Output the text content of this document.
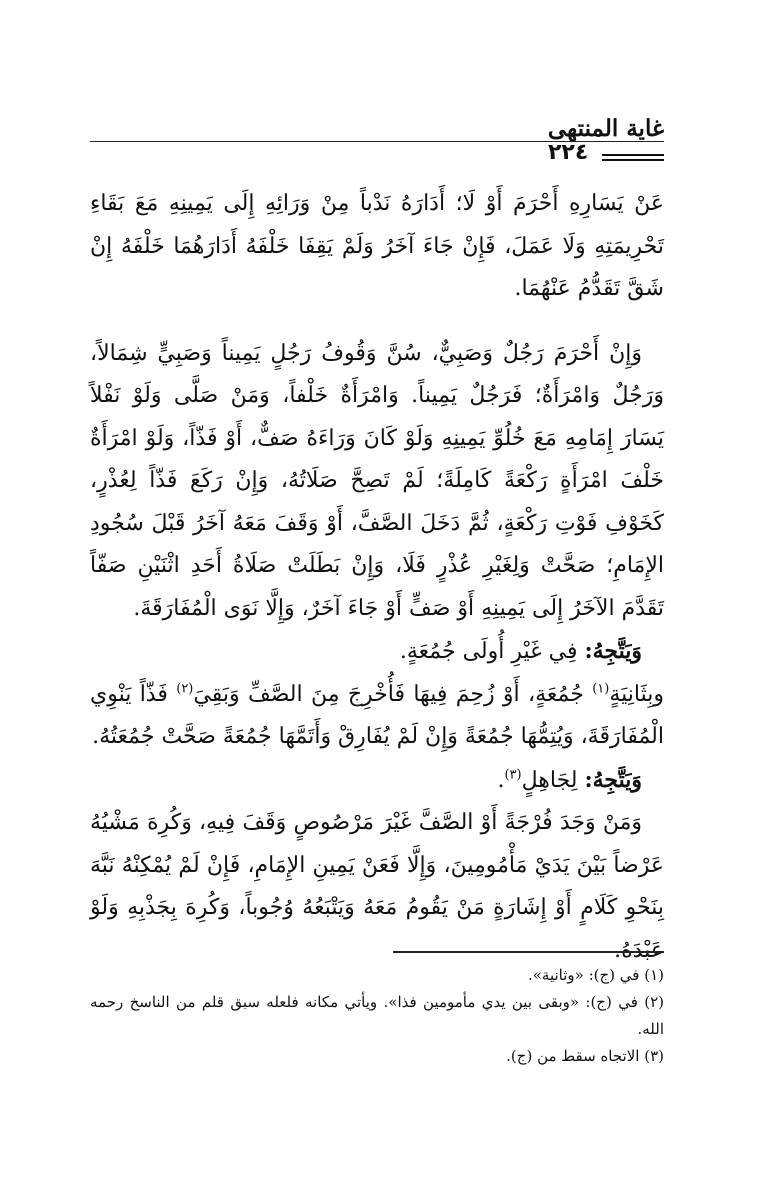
غاية المنتهى
٢٢٤

عَنْ يَسَارِهِ أَحْرَمَ أَوْ لَا؛ أَدَارَهُ نَدْباً مِنْ وَرَائِهِ إِلَى يَمِينِهِ مَعَ بَقَاءِ تَحْرِيمَتِهِ وَلَا عَمَلَ، فَإِنْ جَاءَ آخَرُ وَلَمْ يَقِفَا خَلْفَهُ أَدَارَهُمَا خَلْفَهُ إِنْ شَقَّ تَقَدُّمُ عَنْهُمَا.

وَإِنْ أَحْرَمَ رَجُلٌ وَصَبِيٌّ، سُنَّ وَقُوفُ رَجُلٍ يَمِيناً وَصَبِيٍّ شِمَالاً، وَرَجُلٌ وَامْرَأَةٌ؛ فَرَجُلٌ يَمِيناً. وَامْرَأَةٌ خَلْفاً، وَمَنْ صَلَّى وَلَوْ نَفْلاً يَسَارَ إِمَامِهِ مَعَ خُلُوِّ يَمِينِهِ وَلَوْ كَانَ وَرَاءَهُ صَفٌّ، أَوْ فَذّاً، وَلَوْ امْرَأَةٌ خَلْفَ امْرَأَةٍ رَكْعَةً كَامِلَةً؛ لَمْ تَصِحَّ صَلَاتُهُ، وَإِنْ رَكَعَ فَذّاً لِعُذْرٍ، كَخَوْفِ فَوْتِ رَكْعَةٍ، ثُمَّ دَخَلَ الصَّفَّ، أَوْ وَقَفَ مَعَهُ آخَرُ قَبْلَ سُجُودِ الإِمَامِ؛ صَحَّتْ وَلِغَيْرِ عُذْرٍ فَلَا، وَإِنْ بَطَلَتْ صَلَاةُ أَحَدِ اثْنَيْنِ صَفّاً تَقَدَّمَ الآخَرُ إِلَى يَمِينِهِ أَوْ صَفٍّ أَوْ جَاءَ آخَرٌ، وَإِلَّا نَوَى الْمُفَارَقَةَ.

وَيَتَّجِهُ: فِي غَيْرِ أُولَى جُمُعَةٍ.

وبِثَانِيَةٍ$^{(١)}$ جُمُعَةٍ، أَوْ زُحِمَ فِيهَا فَأُخْرِجَ مِنَ الصَّفِّ وَبَقِيَ$^{(٢)}$ فَذّاً يَنْوِي الْمُفَارَقَةَ، وَيُتِمُّهَا جُمُعَةً وَإِنْ لَمْ يُفَارِقْ وَأَتَمَّهَا جُمُعَةً صَحَّتْ جُمُعَتُهُ.

وَيَتَّجِهُ: لِجَاهِلٍ$^{(٣)}$.

وَمَنْ وَجَدَ فُرْجَةً أَوْ الصَّفَّ غَيْرَ مَرْصُوصٍ وَقَفَ فِيهِ، وَكُرِهَ مَشْيُهُ عَرْضاً بَيْنَ يَدَيْ مَأْمُومِينَ، وَإِلَّا فَعَنْ يَمِينِ الإِمَامِ، فَإِنْ لَمْ يُمْكِنْهُ نَبَّهَ بِنَحْوِ كَلَامٍ أَوْ إِشَارَةٍ مَنْ يَقُومُ مَعَهُ وَيَتْبَعُهُ وُجُوباً، وَكُرِهَ بِجَذْبِهِ وَلَوْ عَبْدَهُ.

(١) في (ج): «وثانية».

(٢) في (ج): «وبقى بين يدي مأمومين فذا». ويأتي مكانه فلعله سبق قلم من الناسخ رحمه الله.

(٣) الاتجاه سقط من (ج).
